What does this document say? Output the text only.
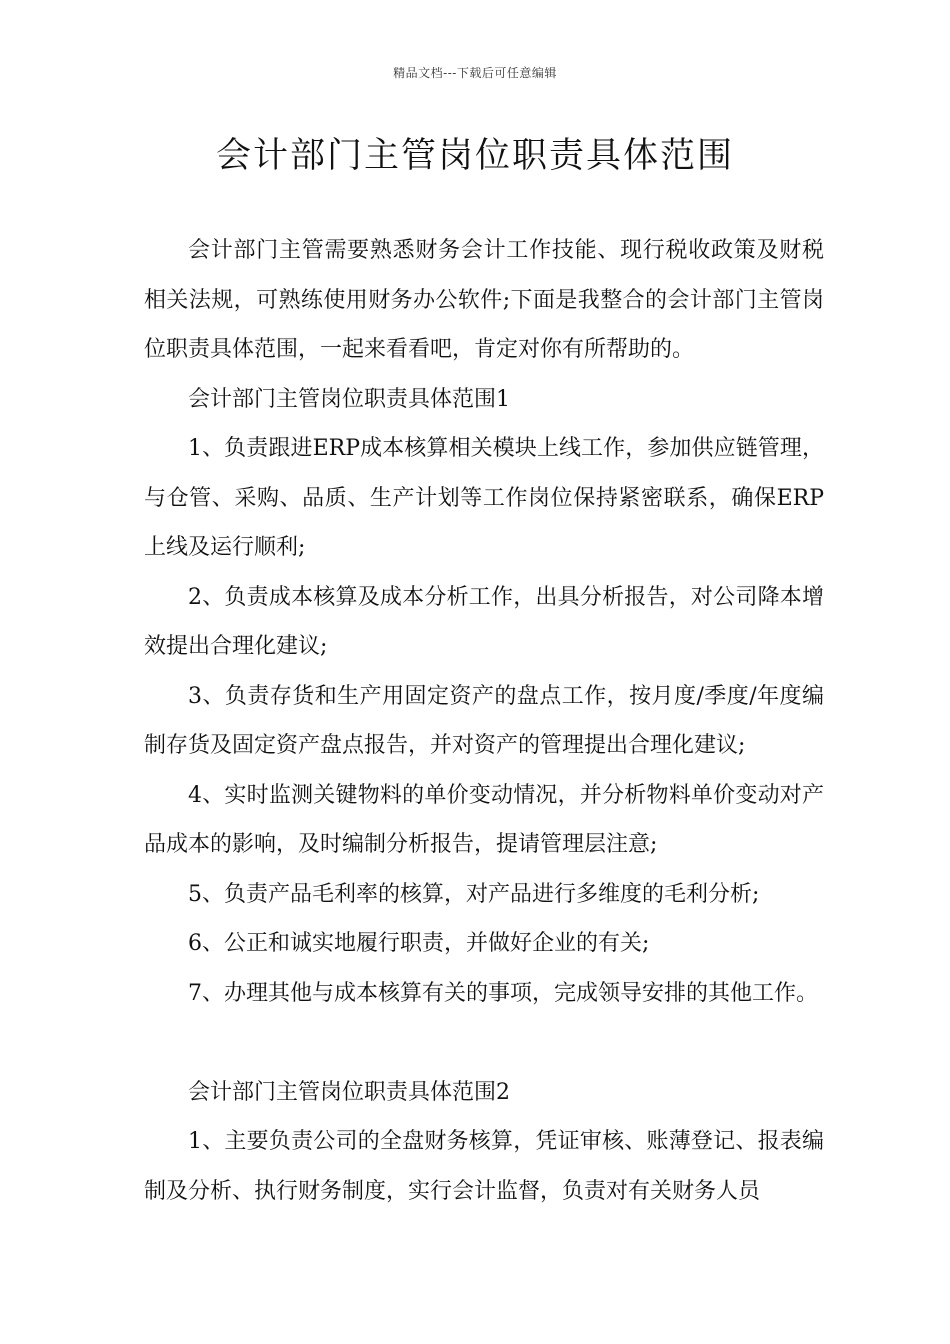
精品文档---下载后可任意编辑
会计部门主管岗位职责具体范围

会计部门主管需要熟悉财务会计工作技能、现行税收政策及财税相关法规，可熟练使用财务办公软件;下面是我整合的会计部门主管岗位职责具体范围，一起来看看吧，肯定对你有所帮助的。

会计部门主管岗位职责具体范围1

1、负责跟进ERP成本核算相关模块上线工作，参加供应链管理，与仓管、采购、品质、生产计划等工作岗位保持紧密联系，确保ERP上线及运行顺利;

2、负责成本核算及成本分析工作，出具分析报告，对公司降本增效提出合理化建议;

3、负责存货和生产用固定资产的盘点工作，按月度/季度/年度编制存货及固定资产盘点报告，并对资产的管理提出合理化建议;

4、实时监测关键物料的单价变动情况，并分析物料单价变动对产品成本的影响，及时编制分析报告，提请管理层注意;

5、负责产品毛利率的核算，对产品进行多维度的毛利分析;

6、公正和诚实地履行职责，并做好企业的有关;

7、办理其他与成本核算有关的事项，完成领导安排的其他工作。

会计部门主管岗位职责具体范围2

1、主要负责公司的全盘财务核算，凭证审核、账薄登记、报表编制及分析、执行财务制度，实行会计监督，负责对有关财务人员
